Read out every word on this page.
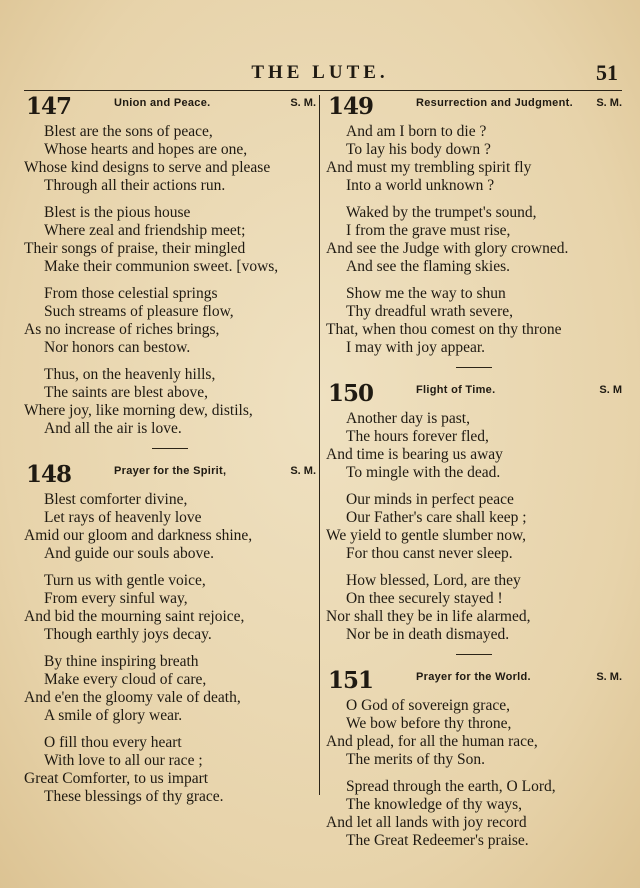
THE LUTE.	51
147	Union and Peace.	S. M.
Blest are the sons of peace,
Whose hearts and hopes are one,
Whose kind designs to serve and please
Through all their actions run.
Blest is the pious house
Where zeal and friendship meet;
Their songs of praise, their mingled
Make their communion sweet. [vows,
From those celestial springs
Such streams of pleasure flow,
As no increase of riches brings,
Nor honors can bestow.
Thus, on the heavenly hills,
The saints are blest above,
Where joy, like morning dew, distils,
And all the air is love.
148	Prayer for the Spirit,	S. M.
Blest comforter divine,
Let rays of heavenly love
Amid our gloom and darkness shine,
And guide our souls above.
Turn us with gentle voice,
From every sinful way,
And bid the mourning saint rejoice,
Though earthly joys decay.
By thine inspiring breath
Make every cloud of care,
And e'en the gloomy vale of death,
A smile of glory wear.
O fill thou every heart
With love to all our race ;
Great Comforter, to us impart
These blessings of thy grace.
149	Resurrection and Judgment. S. M.
And am I born to die ?
To lay his body down ?
And must my trembling spirit fly
Into a world unknown ?
Waked by the trumpet's sound,
I from the grave must rise,
And see the Judge with glory crowned.
And see the flaming skies.
Show me the way to shun
Thy dreadful wrath severe,
That, when thou comest on thy throne
I may with joy appear.
150	Flight of Time.	S. M
Another day is past,
The hours forever fled,
And time is bearing us away
To mingle with the dead.
Our minds in perfect peace
Our Father's care shall keep ;
We yield to gentle slumber now,
For thou canst never sleep.
How blessed, Lord, are they
On thee securely stayed !
Nor shall they be in life alarmed,
Nor be in death dismayed.
151	Prayer for the World.	S. M.
O God of sovereign grace,
We bow before thy throne,
And plead, for all the human race,
The merits of thy Son.
Spread through the earth, O Lord,
The knowledge of thy ways,
And let all lands with joy record
The Great Redeemer's praise.
